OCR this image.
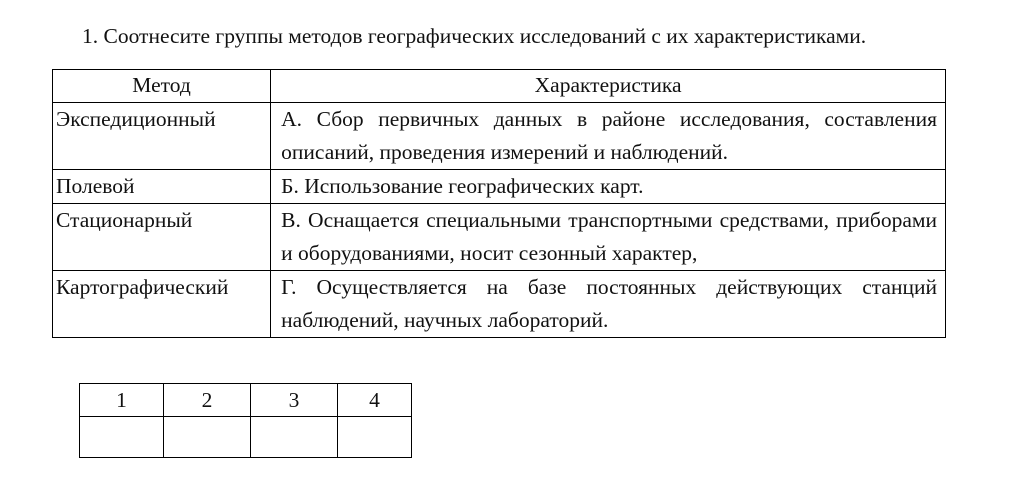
1. Соотнесите группы методов географических исследований с их характеристиками.
Метод	Характеристика
Экспедиционный	А. Сбор первичных данных в районе исследования, составления описаний, проведения измерений и наблюдений.
Полевой	Б. Использование географических карт.
Стационарный	В. Оснащается специальными транспортными средствами, приборами и оборудованиями, носит сезонный характер,
Картографический	Г. Осуществляется на базе постоянных действующих станций наблюдений, научных лабораторий.
1	2	3	4
